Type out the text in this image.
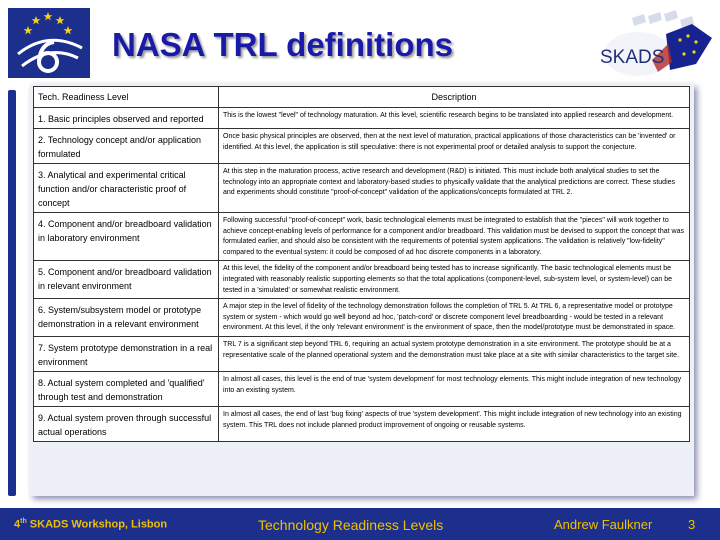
NASA TRL definitions	SKADS
Tech. Readiness Level	Description
1. Basic principles observed and reported	This is the lowest "level" of technology maturation. At this level, scientific research begins to be translated into applied research and development.
2. Technology concept and/or application formulated	Once basic physical principles are observed, then at the next level of maturation, practical applications of those characteristics can be 'invented' or identified. At this level, the application is still speculative: there is not experimental proof or detailed analysis to support the conjecture.
3. Analytical and experimental critical function and/or characteristic proof of concept	At this step in the maturation process, active research and development (R&D) is initiated. This must include both analytical studies to set the technology into an appropriate context and laboratory-based studies to physically validate that the analytical predictions are correct. These studies and experiments should constitute "proof-of-concept" validation of the applications/concepts formulated at TRL 2.
4. Component and/or breadboard validation in laboratory environment	Following successful "proof-of-concept" work, basic technological elements must be integrated to establish that the "pieces" will work together to achieve concept-enabling levels of performance for a component and/or breadboard. This validation must be devised to support the concept that was formulated earlier, and should also be consistent with the requirements of potential system applications. The validation is relatively "low-fidelity" compared to the eventual system: it could be composed of ad hoc discrete components in a laboratory.
5. Component and/or breadboard validation in relevant environment	At this level, the fidelity of the component and/or breadboard being tested has to increase significantly. The basic technological elements must be integrated with reasonably realistic supporting elements so that the total applications (component-level, sub-system level, or system-level) can be tested in a 'simulated' or somewhat realistic environment.
6. System/subsystem model or prototype demonstration in a relevant environment	A major step in the level of fidelity of the technology demonstration follows the completion of TRL 5. At TRL 6, a representative model or prototype system or system - which would go well beyond ad hoc, 'patch-cord' or discrete component level breadboarding - would be tested in a relevant environment. At this level, if the only 'relevant environment' is the environment of space, then the model/prototype must be demonstrated in space.
7. System prototype demonstration in a real environment	TRL 7 is a significant step beyond TRL 6, requiring an actual system prototype demonstration in a site environment. The prototype should be at a representative scale of the planned operational system and the demonstration must take place at a site with similar characteristics to the target site.
8. Actual system completed and 'qualified' through test and demonstration	In almost all cases, this level is the end of true 'system development' for most technology elements. This might include integration of new technology into an existing system.
9. Actual system proven through successful actual operations	In almost all cases, the end of last 'bug fixing' aspects of true 'system development'. This might include integration of new technology into an existing system. This TRL does not include planned product improvement of ongoing or reusable systems.
4th SKADS Workshop, Lisbon	Technology Readiness Levels	Andrew Faulkner	3
